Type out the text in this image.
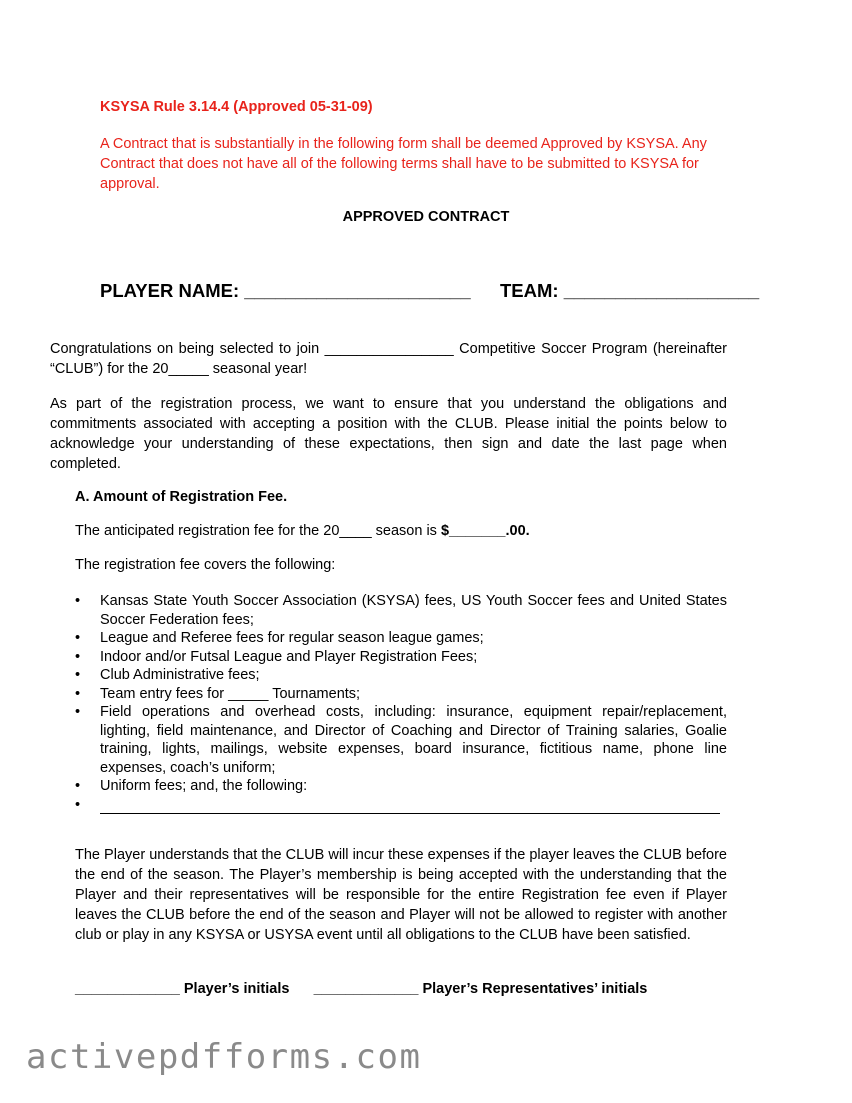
KSYSA Rule 3.14.4 (Approved 05-31-09)

A Contract that is substantially in the following form shall be deemed Approved by KSYSA. Any Contract that does not have all of the following terms shall have to be submitted to KSYSA for approval.

APPROVED CONTRACT

PLAYER NAME: ______________________ TEAM: ___________________

Congratulations on being selected to join ________________ Competitive Soccer Program (hereinafter “CLUB”) for the 20_____ seasonal year!

As part of the registration process, we want to ensure that you understand the obligations and commitments associated with accepting a position with the CLUB. Please initial the points below to acknowledge your understanding of these expectations, then sign and date the last page when completed.

A. Amount of Registration Fee.

The anticipated registration fee for the 20____ season is $_______.00.

The registration fee covers the following:

• Kansas State Youth Soccer Association (KSYSA) fees, US Youth Soccer fees and United States Soccer Federation fees;
• League and Referee fees for regular season league games;
• Indoor and/or Futsal League and Player Registration Fees;
• Club Administrative fees;
• Team entry fees for _____ Tournaments;
• Field operations and overhead costs, including: insurance, equipment repair/replacement, lighting, field maintenance, and Director of Coaching and Director of Training salaries, Goalie training, lights, mailings, website expenses, board insurance, fictitious name, phone line expenses, coach’s uniform;
• Uniform fees; and, the following:
•

The Player understands that the CLUB will incur these expenses if the player leaves the CLUB before the end of the season. The Player’s membership is being accepted with the understanding that the Player and their representatives will be responsible for the entire Registration fee even if Player leaves the CLUB before the end of the season and Player will not be allowed to register with another club or play in any KSYSA or USYSA event until all obligations to the CLUB have been satisfied.

_____________ Player’s initials      _____________ Player’s Representatives’ initials

activepdfforms.com
